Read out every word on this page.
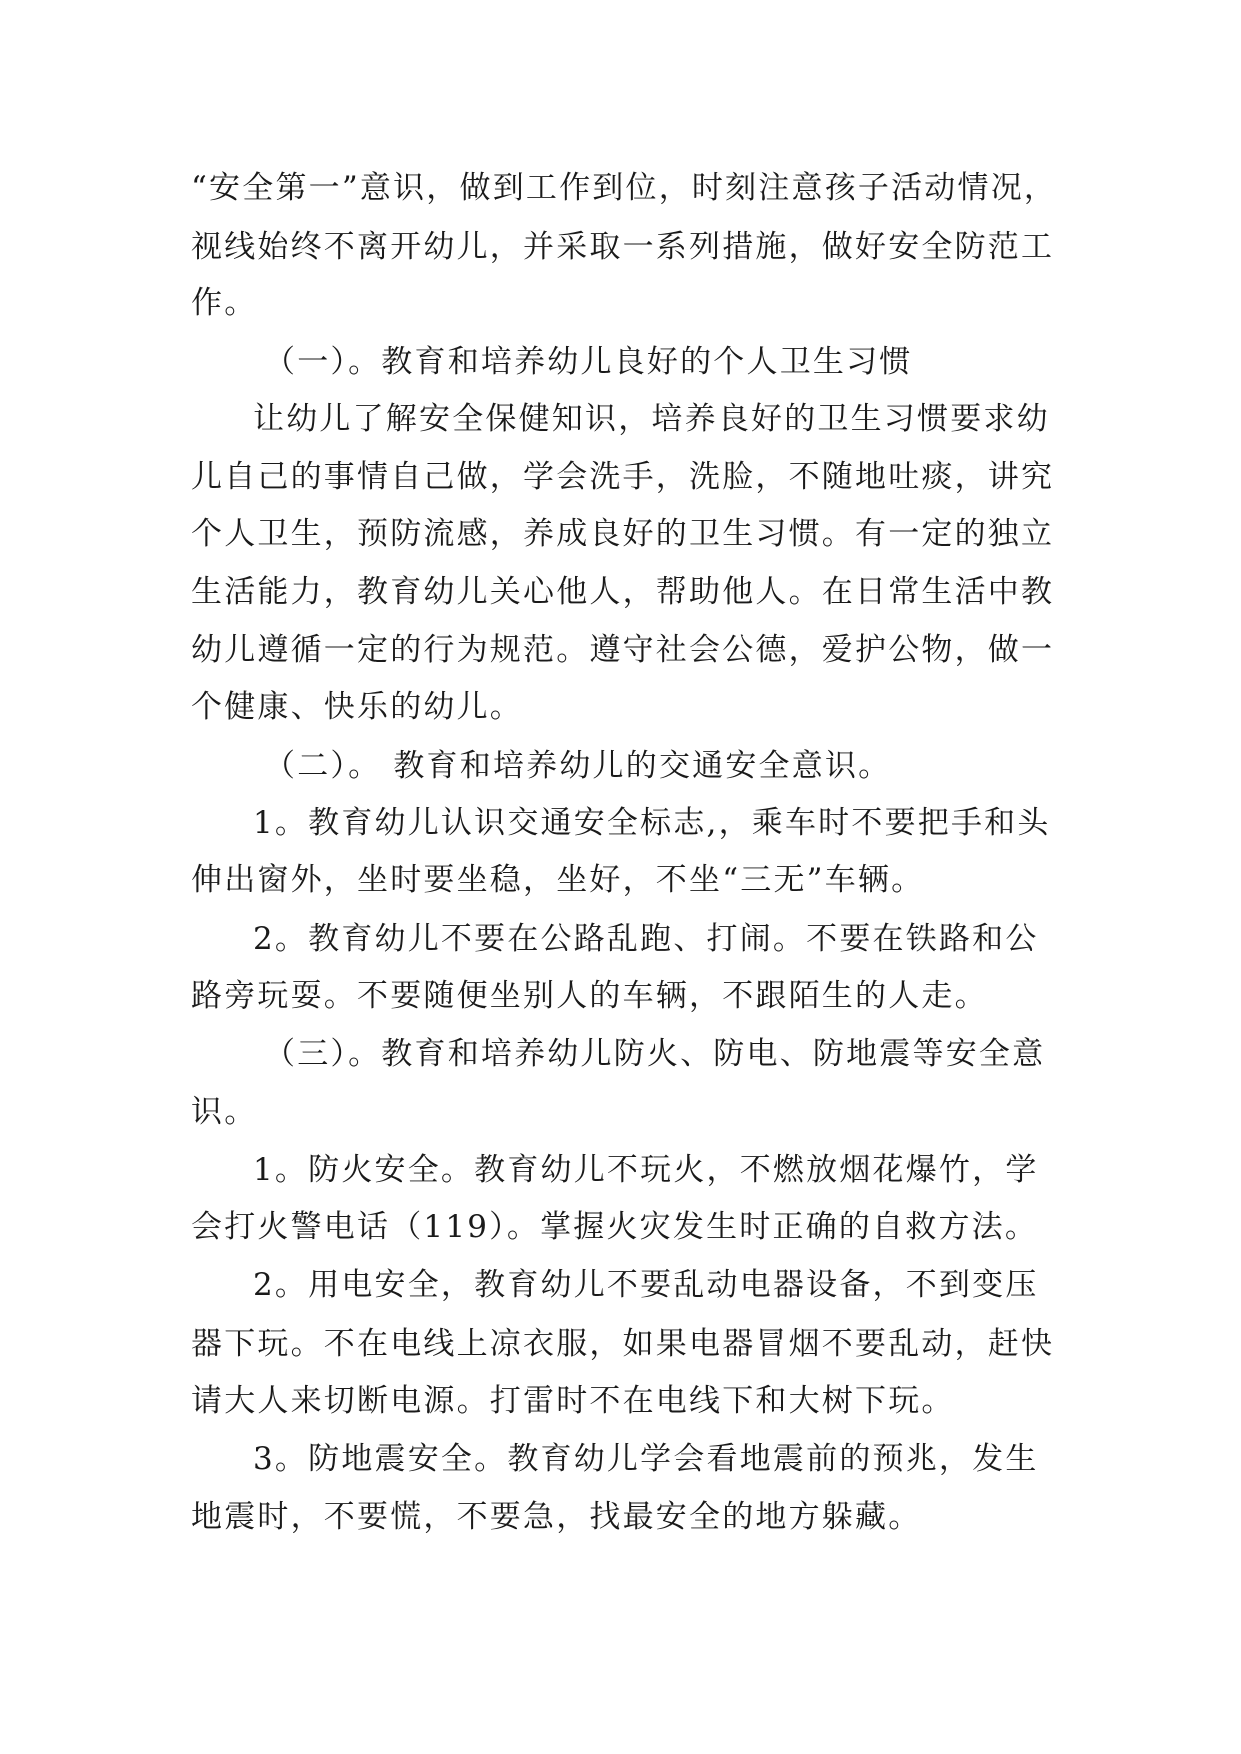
“安全第一”意识，做到工作到位，时刻注意孩子活动情况，
视线始终不离开幼儿，并采取一系列措施，做好安全防范工
作。
（一）。教育和培养幼儿良好的个人卫生习惯
让幼儿了解安全保健知识，培养良好的卫生习惯要求幼
儿自己的事情自己做，学会洗手，洗脸，不随地吐痰，讲究
个人卫生，预防流感，养成良好的卫生习惯。有一定的独立
生活能力，教育幼儿关心他人，帮助他人。在日常生活中教
幼儿遵循一定的行为规范。遵守社会公德，爱护公物，做一
个健康、快乐的幼儿。
（二）。 教育和培养幼儿的交通安全意识。
1。教育幼儿认识交通安全标志,，乘车时不要把手和头
伸出窗外，坐时要坐稳，坐好，不坐“三无”车辆。
2。教育幼儿不要在公路乱跑、打闹。不要在铁路和公
路旁玩耍。不要随便坐别人的车辆，不跟陌生的人走。
（三）。教育和培养幼儿防火、防电、防地震等安全意
识。
1。防火安全。教育幼儿不玩火，不燃放烟花爆竹，学
会打火警电话（119）。掌握火灾发生时正确的自救方法。
2。用电安全，教育幼儿不要乱动电器设备，不到变压
器下玩。不在电线上凉衣服，如果电器冒烟不要乱动，赶快
请大人来切断电源。打雷时不在电线下和大树下玩。
3。防地震安全。教育幼儿学会看地震前的预兆，发生
地震时，不要慌，不要急，找最安全的地方躲藏。
